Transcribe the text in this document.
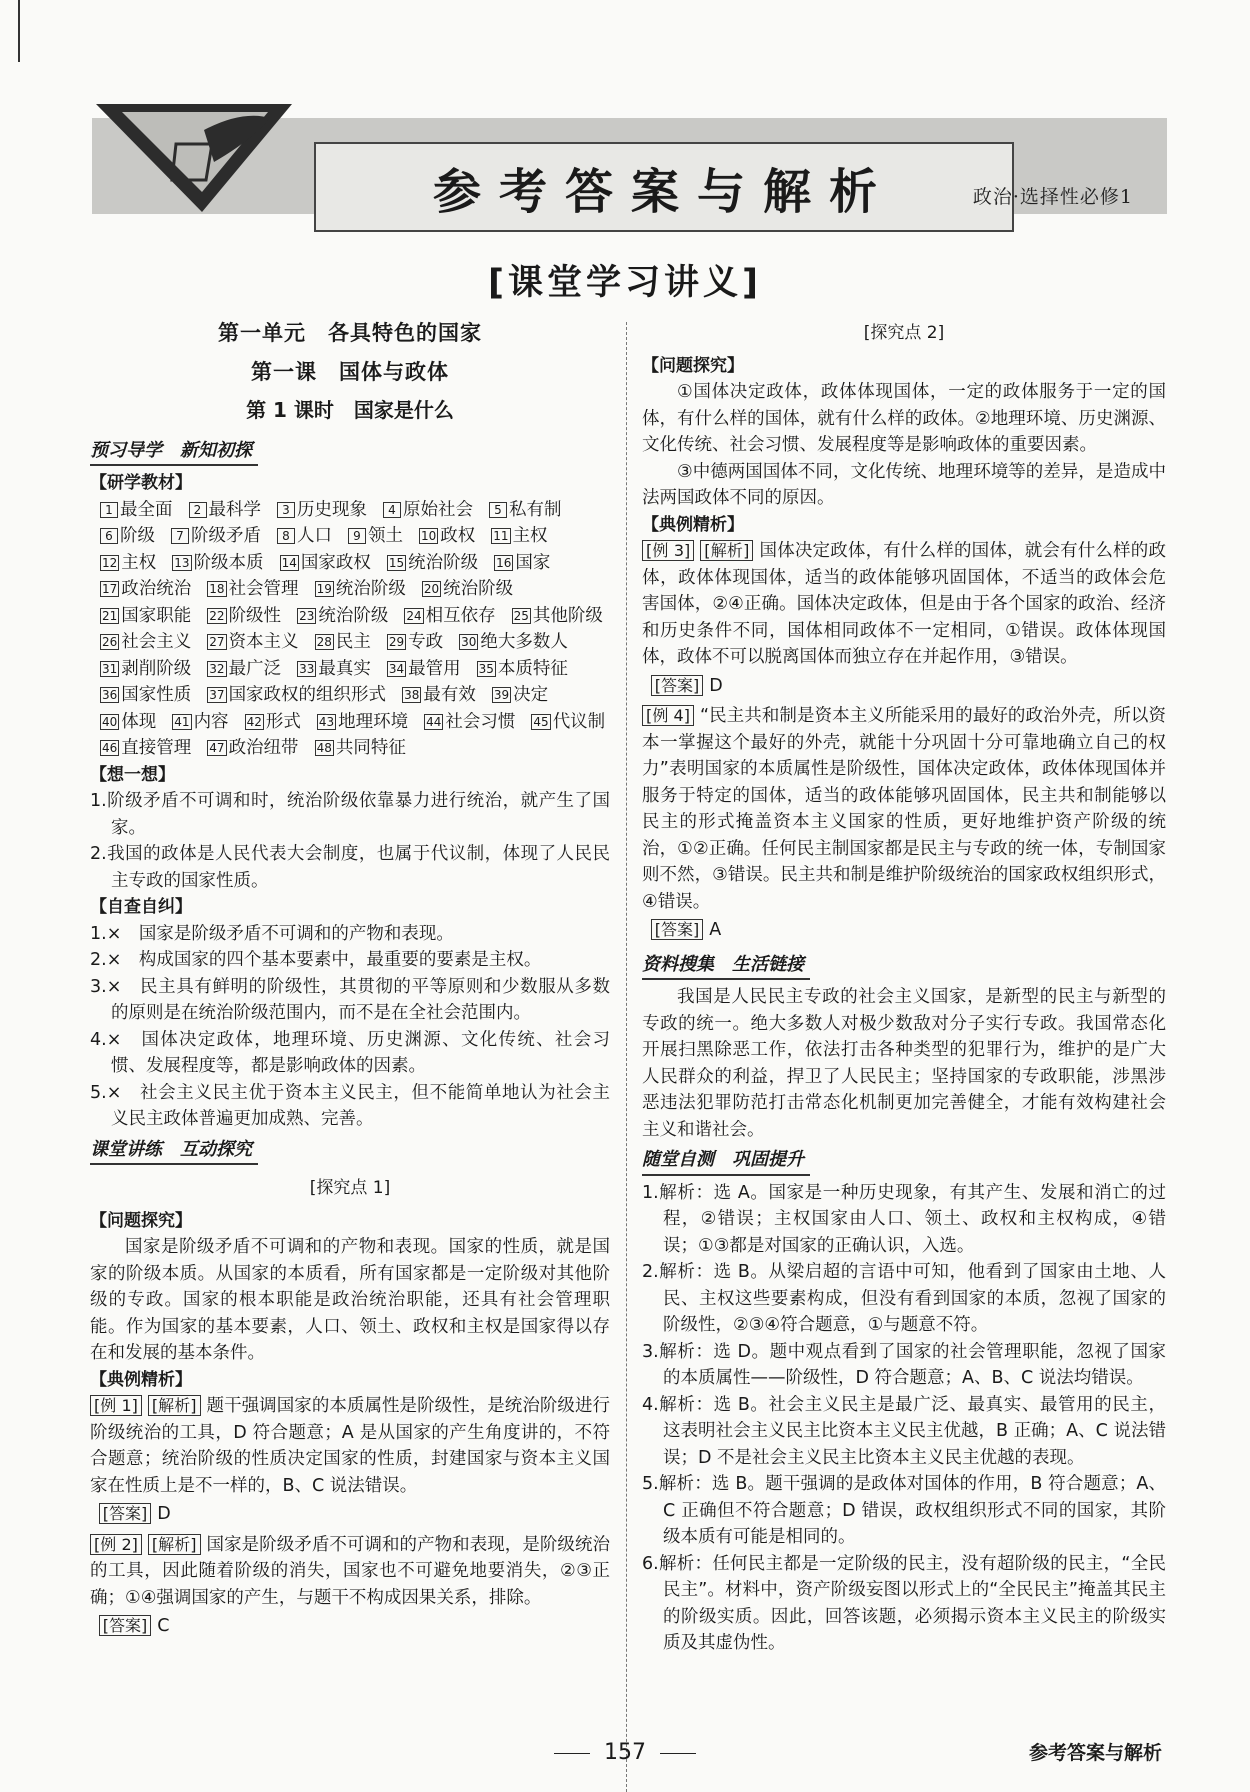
参考答案与解析	政治·选择性必修1
[课堂学习讲义]
第一单元　各具特色的国家
第一课　国体与政体
第 1 课时　国家是什么
预习导学　新知初探
【 研学教材 】
1 最全面	2 最科学	3 历史现象	4 原始社会	5 私有制
6 阶级	7 阶级矛盾	8 人口	9 领土 10 政权 11 主权
12 主权 13 阶级本质 14 国家政权 15 统治阶级 16 国家
17 政治统治 18 社会管理 19 统治阶级 20 统治阶级
21 国家职能 22 阶级性 23 统治阶级 24 相互依存 25 其他阶级
26 社会主义 27 资本主义 28 民主 29 专政 30 绝大多数人
31 剥削阶级 32 最广泛 33 最真实 34 最管用 35 本质特征
36 国家性质 37 国家政权的组织形式 38 最有效 39 决定
40 体现 41 内容 42 形式 43 地理环境 44 社会习惯 45 代议制
46 直接管理 47 政治纽带 48 共同特征
【 想一想 】

1.阶级矛盾不可调和时，统治阶级依靠暴力进行统治，就产生了国家。

2.我国的政体是人民代表大会制度，也属于代议制，体现了人民民主专政的国家性质。

【 自查自纠 】

1.×　国家是阶级矛盾不可调和的产物和表现。

2.×　构成国家的四个基本要素中，最重要的要素是主权。

3.×　民主具有鲜明的阶级性，其贯彻的平等原则和少数服从多数的原则是在统治阶级范围内，而不是在全社会范围内。

4.×　国体决定政体，地理环境、历史渊源、文化传统、社会习惯、发展程度等，都是影响政体的因素。

5.×　社会主义民主优于资本主义民主，但不能简单地认为社会主义民主政体普遍更加成熟、完善。

课堂讲练　互动探究
[探究点 1]
【 问题探究 】

国家是阶级矛盾不可调和的产物和表现。国家的性质，就是国家的阶级本质。从国家的本质看，所有国家都是一定阶级对其他阶级的专政。国家的根本职能是政治统治职能，还具有社会管理职能。作为国家的基本要素，人口、领土、政权和主权是国家得以存在和发展的基本条件。

【 典例精析 】

[例 1] [解析] 题干强调国家的本质属性是阶级性，是统治阶级进行阶级统治的工具，D 符合题意；A 是从国家的产生角度讲的，不符合题意；统治阶级的性质决定国家的性质，封建国家与资本主义国家在性质上是不一样的，B、C 说法错误。

[答案] D

[例 2] [解析] 国家是阶级矛盾不可调和的产物和表现，是阶级统治的工具，因此随着阶级的消失，国家也不可避免地要消失，②③正确；①④强调国家的产生，与题干不构成因果关系，排除。

[答案] C
[探究点 2]
【 问题探究 】

①国体决定政体，政体体现国体，一定的政体服务于一定的国体，有什么样的国体，就有什么样的政体。②地理环境、历史渊源、文化传统、社会习惯、发展程度等是影响政体的重要因素。

③中德两国国体不同，文化传统、地理环境等的差异，是造成中法两国政体不同的原因。

【 典例精析 】

[例 3] [解析] 国体决定政体，有什么样的国体，就会有什么样的政体，政体体现国体，适当的政体能够巩固国体，不适当的政体会危害国体，②④正确。国体决定政体，但是由于各个国家的政治、经济和历史条件不同，国体相同政体不一定相同，①错误。政体体现国体，政体不可以脱离国体而独立存在并起作用，③错误。

[答案] D

[例 4] “民主共和制是资本主义所能采用的最好的政治外壳，所以资本一掌握这个最好的外壳，就能十分巩固十分可靠地确立自己的权力”表明国家的本质属性是阶级性，国体决定政体，政体体现国体并服务于特定的国体，适当的政体能够巩固国体，民主共和制能够以民主的形式掩盖资本主义国家的性质，更好地维护资产阶级的统治，①②正确。任何民主制国家都是民主与专政的统一体，专制国家则不然，③错误。民主共和制是维护阶级统治的国家政权组织形式，④错误。

[答案] A
资料搜集　生活链接

我国是人民民主专政的社会主义国家，是新型的民主与新型的专政的统一。绝大多数人对极少数敌对分子实行专政。我国常态化开展扫黑除恶工作，依法打击各种类型的犯罪行为，维护的是广大人民群众的利益，捍卫了人民民主；坚持国家的专政职能，涉黑涉恶违法犯罪防范打击常态化机制更加完善健全，才能有效构建社会主义和谐社会。

随堂自测　巩固提升

1.解析：选 A。国家是一种历史现象，有其产生、发展和消亡的过程，②错误；主权国家由人口、领土、政权和主权构成，④错误；①③都是对国家的正确认识，入选。

2.解析：选 B。从梁启超的言语中可知，他看到了国家由土地、人民、主权这些要素构成，但没有看到国家的本质，忽视了国家的阶级性，②③④符合题意，①与题意不符。

3.解析：选 D。题中观点看到了国家的社会管理职能，忽视了国家的本质属性——阶级性，D 符合题意；A、B、C 说法均错误。

4.解析：选 B。社会主义民主是最广泛、最真实、最管用的民主，这表明社会主义民主比资本主义民主优越，B 正确；A、C 说法错误；D 不是社会主义民主比资本主义民主优越的表现。

5.解析：选 B。题干强调的是政体对国体的作用，B 符合题意；A、C 正确但不符合题意；D 错误，政权组织形式不同的国家，其阶级本质有可能是相同的。

6.解析：任何民主都是一定阶级的民主，没有超阶级的民主，“全民民主”。材料中，资产阶级妄图以形式上的“全民民主”掩盖其民主的阶级实质。因此，回答该题，必须揭示资本主义民主的阶级实质及其虚伪性。

157	参考答案与解析
